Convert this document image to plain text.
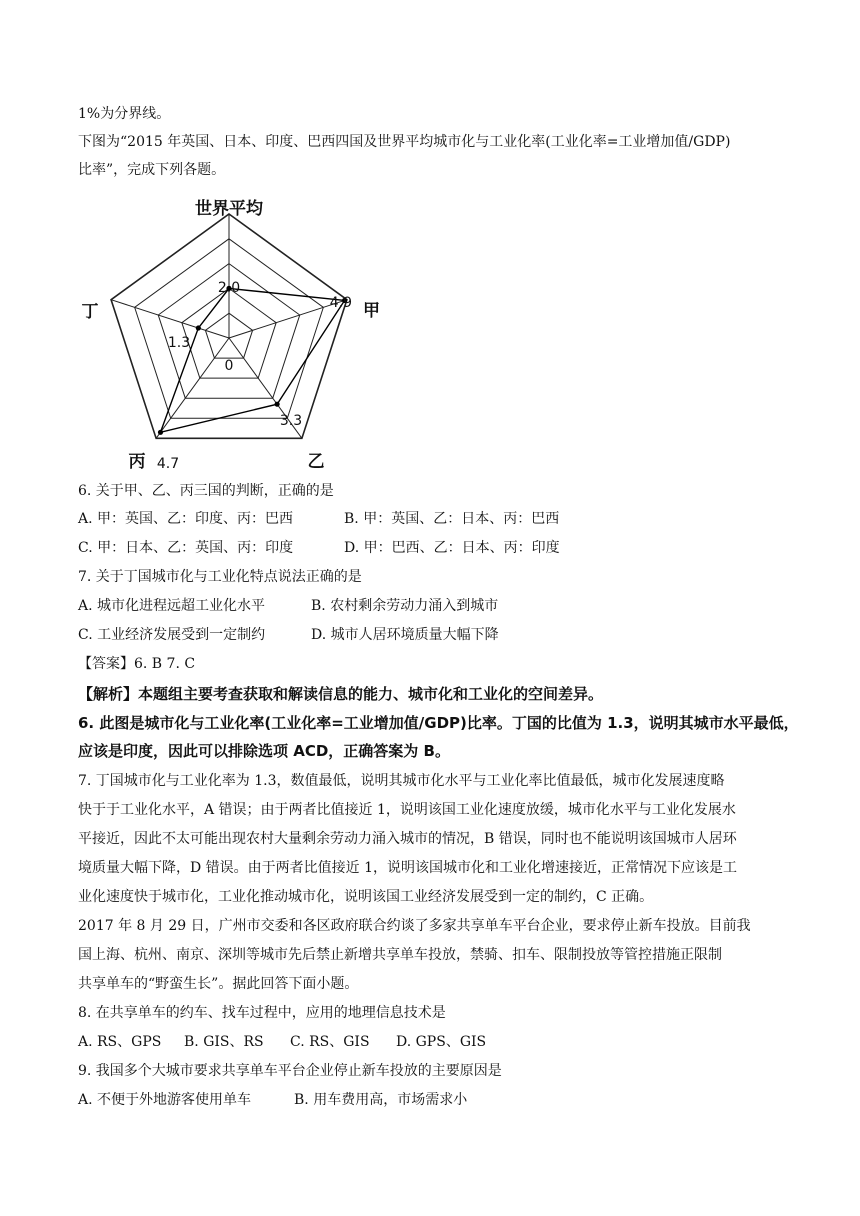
1%为分界线。
下图为“2015 年英国、日本、印度、巴西四国及世界平均城市化与工业化率(工业化率=工业增加值/GDP)
比率”，完成下列各题。
世界平均
甲
乙
丙
丁
2.0
4.9
3.3
4.7
1.3
0
6. 关于甲、乙、丙三国的判断，正确的是
A. 甲：英国、乙：印度、丙：巴西	B. 甲：英国、乙：日本、丙：巴西
C. 甲：日本、乙：英国、丙：印度	D. 甲：巴西、乙：日本、丙：印度
7. 关于丁国城市化与工业化特点说法正确的是
A. 城市化进程远超工业化水平	B. 农村剩余劳动力涌入到城市
C. 工业经济发展受到一定制约	D. 城市人居环境质量大幅下降
【答案】6. B 7. C
【解析】本题组主要考查获取和解读信息的能力、城市化和工业化的空间差异。
6. 此图是城市化与工业化率(工业化率=工业增加值/GDP)比率。丁国的比值为 1.3，说明其城市水平最低，
应该是印度，因此可以排除选项 ACD，正确答案为 B。
7. 丁国城市化与工业化率为 1.3，数值最低，说明其城市化水平与工业化率比值最低，城市化发展速度略
快于于工业化水平，A 错误；由于两者比值接近 1，说明该国工业化速度放缓，城市化水平与工业化发展水
平接近，因此不太可能出现农村大量剩余劳动力涌入城市的情况，B 错误，同时也不能说明该国城市人居环
境质量大幅下降，D 错误。由于两者比值接近 1，说明该国城市化和工业化增速接近，正常情况下应该是工
业化速度快于城市化，工业化推动城市化，说明该国工业经济发展受到一定的制约，C 正确。
2017 年 8 月 29 日，广州市交委和各区政府联合约谈了多家共享单车平台企业，要求停止新车投放。目前我
国上海、杭州、南京、深圳等城市先后禁止新增共享单车投放，禁骑、扣车、限制投放等管控措施正限制
共享单车的“野蛮生长”。据此回答下面小题。
8. 在共享单车的约车、找车过程中，应用的地理信息技术是
A. RS、GPS B. GIS、RS C. RS、GIS D. GPS、GIS
9. 我国多个大城市要求共享单车平台企业停止新车投放的主要原因是
A. 不便于外地游客使用单车	B. 用车费用高，市场需求小
